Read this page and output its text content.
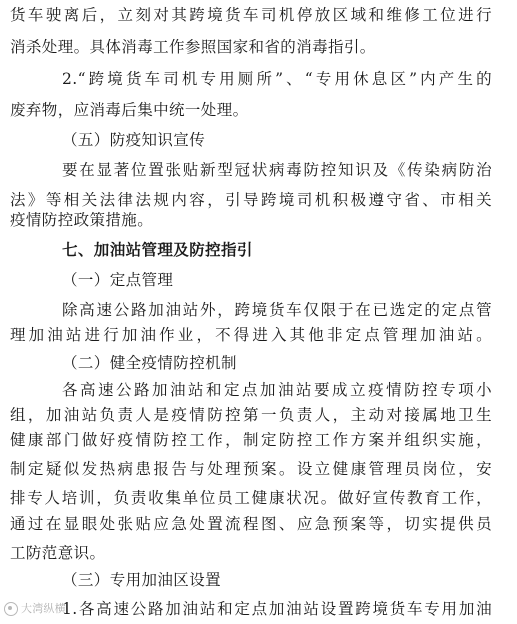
货车驶离后，立刻对其跨境货车司机停放区域和维修工位进行
消杀处理。具体消毒工作参照国家和省的消毒指引。
2.“跨境货车司机专用厕所”、“专用休息区”内产生的
废弃物，应消毒后集中统一处理。
（五）防疫知识宣传
要在显著位置张贴新型冠状病毒防控知识及《传染病防治
法》等相关法律法规内容，引导跨境司机积极遵守省、市相关
疫情防控政策措施。
七、加油站管理及防控指引
（一）定点管理
除高速公路加油站外，跨境货车仅限于在已选定的定点管
理加油站进行加油作业，不得进入其他非定点管理加油站。
（二）健全疫情防控机制
各高速公路加油站和定点加油站要成立疫情防控专项小
组，加油站负责人是疫情防控第一负责人，主动对接属地卫生
健康部门做好疫情防控工作，制定防控工作方案并组织实施，
制定疑似发热病患报告与处理预案。设立健康管理员岗位，安
排专人培训，负责收集单位员工健康状况。做好宣传教育工作，
通过在显眼处张贴应急处置流程图、应急预案等，切实提供员
工防范意识。
（三）专用加油区设置
1.各高速公路加油站和定点加油站设置跨境货车专用加油
大湾纵横
